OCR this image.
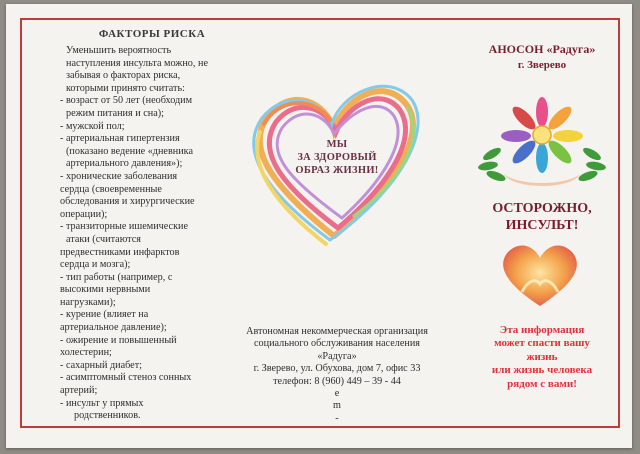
ФАКТОРЫ РИСКА
Уменьшить вероятность
наступления инсульта можно, не
забывая о факторах риска,
которыми принято считать:
- возраст от 50 лет (необходим
режим питания и сна);
- мужской пол;
- артериальная гипертензия
(показано ведение «дневника
артериального давления»);
- хронические заболевания
сердца (своевременные
обследования и хирургические
операции);
- транзиторные ишемические
атаки (считаются
предвестниками инфарктов
сердца и мозга);
- тип работы (например, с
высокими нервными
нагрузками);
- курение (влияет на
артериальное давление);
- ожирение и повышенный
холестерин;
- сахарный диабет;
- асимптомный стеноз сонных
артерий;
- инсульт у прямых
родственников.
МЫ
ЗА ЗДОРОВЫЙ
ОБРАЗ ЖИЗНИ!
Автономная некоммерческая организация
социального обслуживания населения
«Радуга»
г. Зверево, ул. Обухова, дом 7, офис 33
телефон: 8 (960) 449 – 39 - 44
e
m
-
АНОСОН «Радуга»
г. Зверево
ОСТОРОЖНО,
ИНСУЛЬТ!
Эта информация
может спасти вашу
жизнь
или жизнь человека
рядом с вами!
